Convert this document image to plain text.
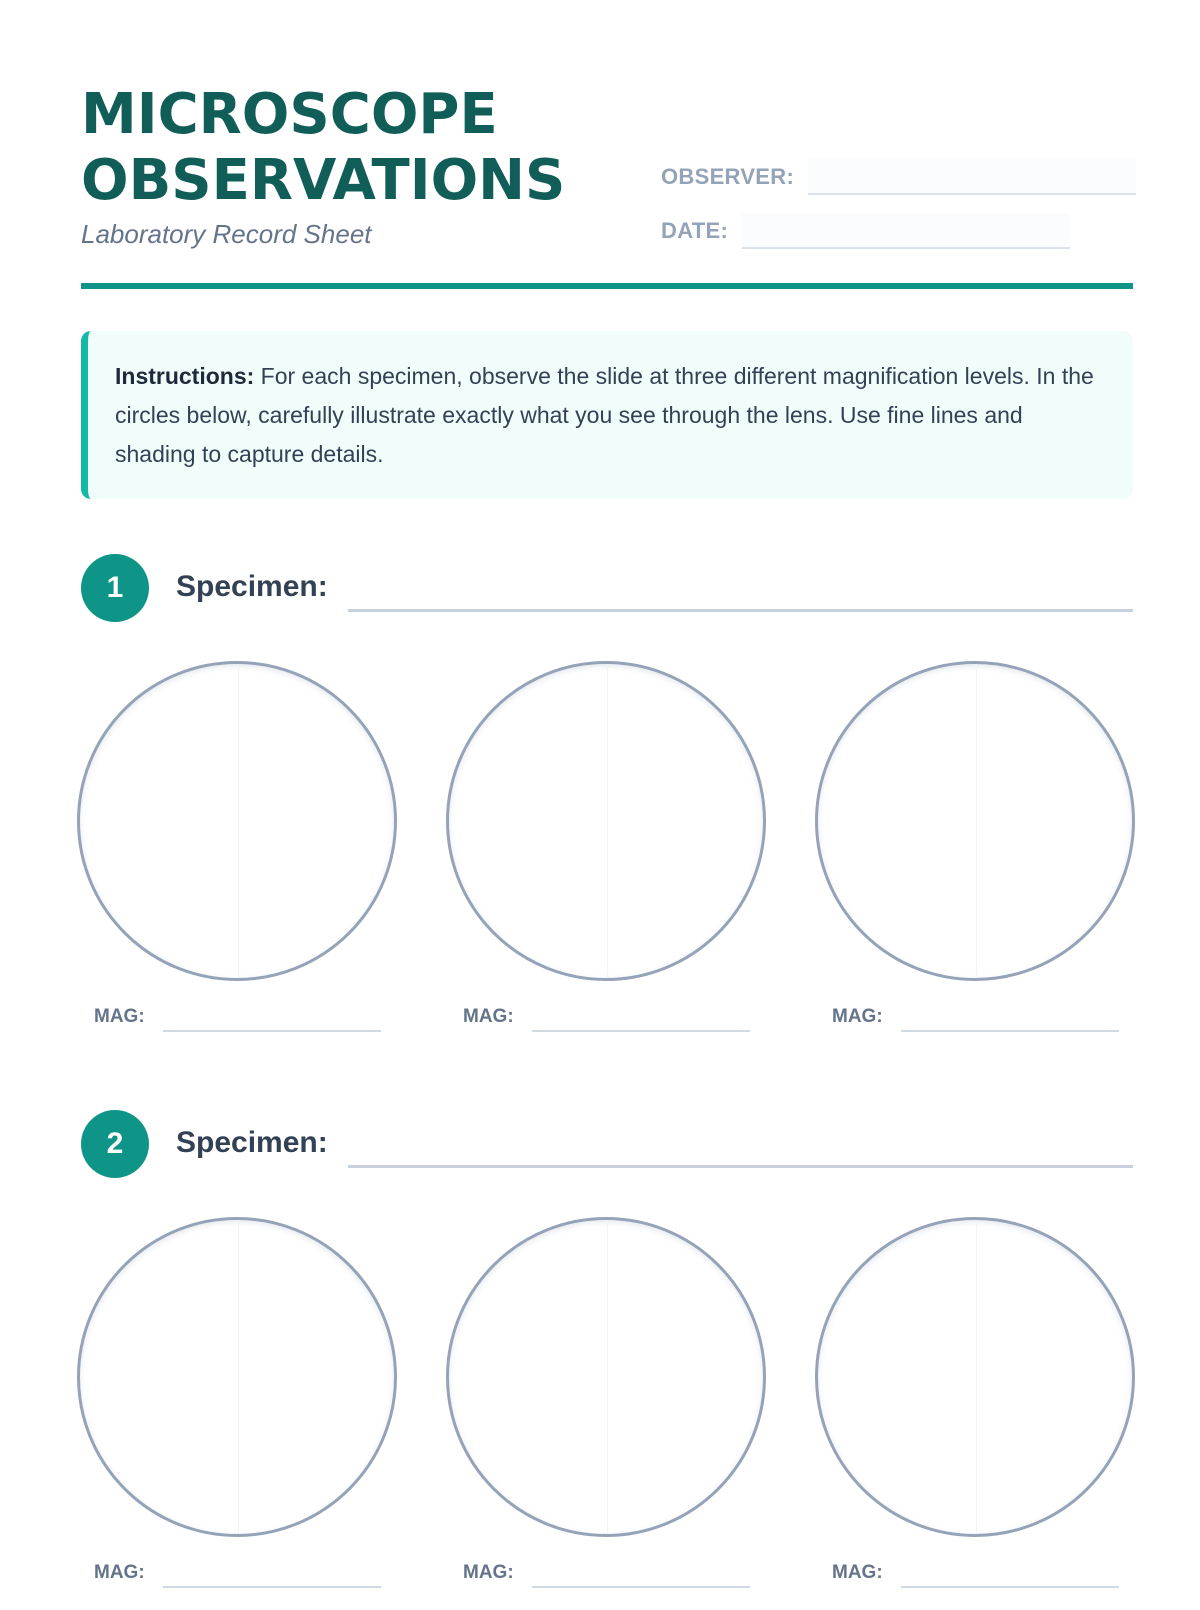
MICROSCOPE
OBSERVATIONS
Laboratory Record Sheet
OBSERVER:
DATE:
Instructions: For each specimen, observe the slide at three different magnification levels. In the circles below, carefully illustrate exactly what you see through the lens. Use fine lines and shading to capture details.
1	Specimen:
MAG:	MAG:	MAG:
2	Specimen:
MAG:	MAG:	MAG:
